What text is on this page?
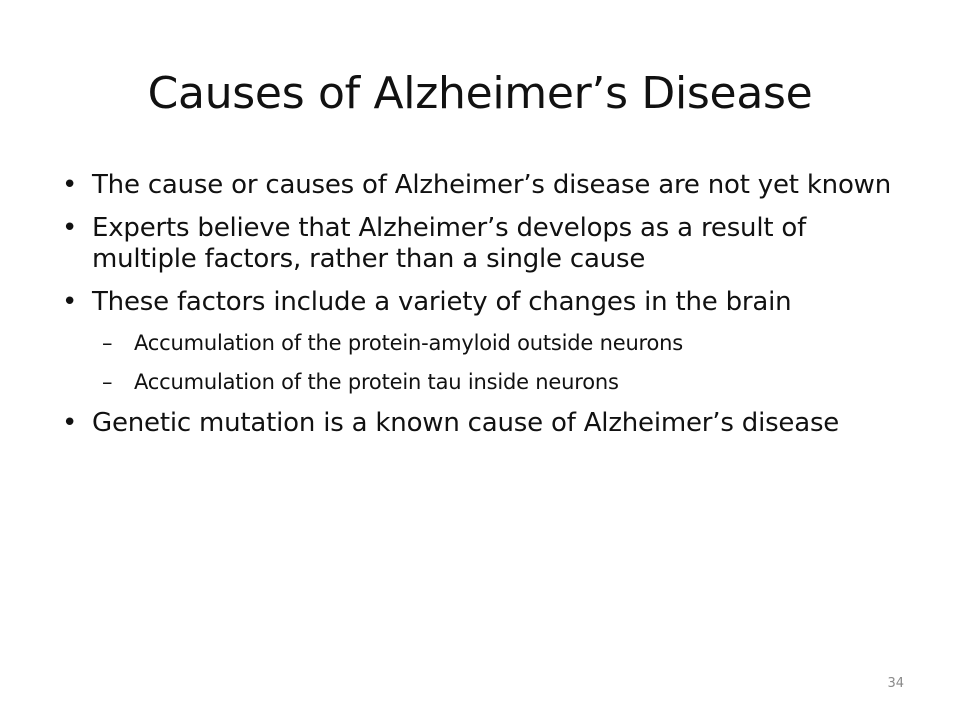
Causes of Alzheimer’s Disease
• The cause or causes of Alzheimer’s disease are not yet known
• Experts believe that Alzheimer’s develops as a result of multiple factors, rather than a single cause
• These factors include a variety of changes in the brain
– Accumulation of the protein-amyloid outside neurons
– Accumulation of the protein tau inside neurons
• Genetic mutation is a known cause of Alzheimer’s disease
34
